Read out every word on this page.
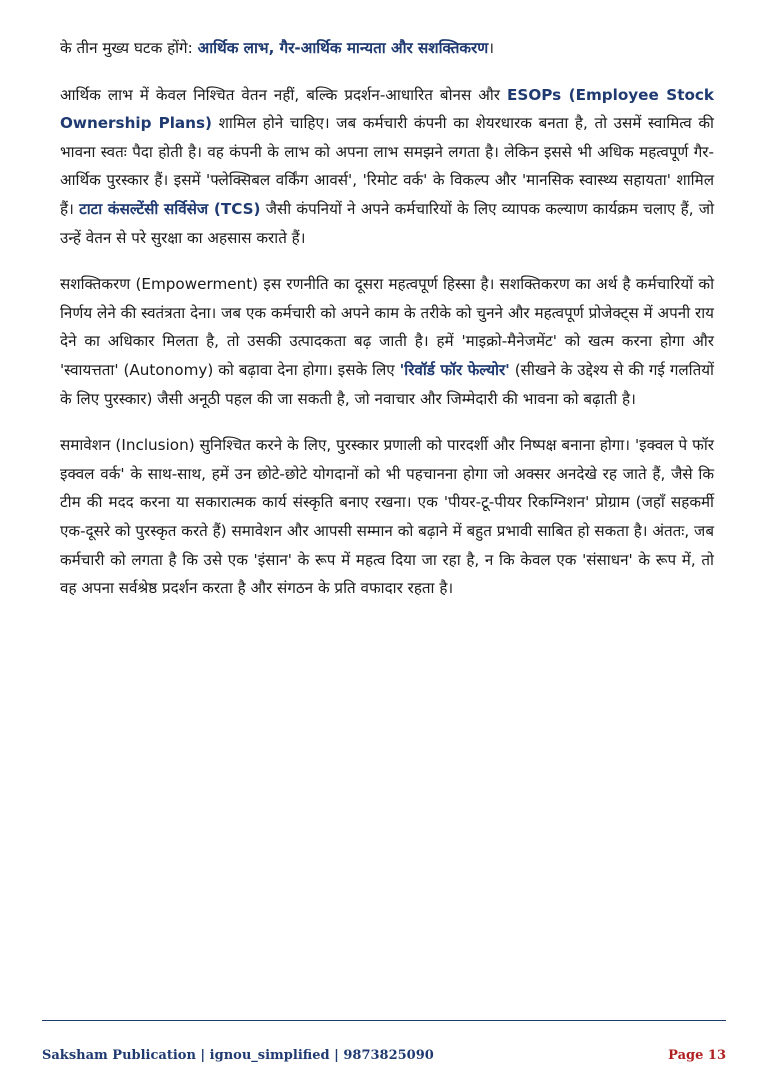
के तीन मुख्य घटक होंगे: आर्थिक लाभ, गैर-आर्थिक मान्यता और सशक्तिकरण।

आर्थिक लाभ में केवल निश्चित वेतन नहीं, बल्कि प्रदर्शन-आधारित बोनस और ESOPs (Employee Stock Ownership Plans) शामिल होने चाहिए। जब कर्मचारी कंपनी का शेयरधारक बनता है, तो उसमें स्वामित्व की भावना स्वतः पैदा होती है। वह कंपनी के लाभ को अपना लाभ समझने लगता है। लेकिन इससे भी अधिक महत्वपूर्ण गैर-आर्थिक पुरस्कार हैं। इसमें 'फ्लेक्सिबल वर्किंग आवर्स', 'रिमोट वर्क' के विकल्प और 'मानसिक स्वास्थ्य सहायता' शामिल हैं। टाटा कंसल्टेंसी सर्विसेज (TCS) जैसी कंपनियों ने अपने कर्मचारियों के लिए व्यापक कल्याण कार्यक्रम चलाए हैं, जो उन्हें वेतन से परे सुरक्षा का अहसास कराते हैं।

सशक्तिकरण (Empowerment) इस रणनीति का दूसरा महत्वपूर्ण हिस्सा है। सशक्तिकरण का अर्थ है कर्मचारियों को निर्णय लेने की स्वतंत्रता देना। जब एक कर्मचारी को अपने काम के तरीके को चुनने और महत्वपूर्ण प्रोजेक्ट्स में अपनी राय देने का अधिकार मिलता है, तो उसकी उत्पादकता बढ़ जाती है। हमें 'माइक्रो-मैनेजमेंट' को खत्म करना होगा और 'स्वायत्तता' (Autonomy) को बढ़ावा देना होगा। इसके लिए 'रिवॉर्ड फॉर फेल्योर' (सीखने के उद्देश्य से की गई गलतियों के लिए पुरस्कार) जैसी अनूठी पहल की जा सकती है, जो नवाचार और जिम्मेदारी की भावना को बढ़ाती है।

समावेशन (Inclusion) सुनिश्चित करने के लिए, पुरस्कार प्रणाली को पारदर्शी और निष्पक्ष बनाना होगा। 'इक्वल पे फॉर इक्वल वर्क' के साथ-साथ, हमें उन छोटे-छोटे योगदानों को भी पहचानना होगा जो अक्सर अनदेखे रह जाते हैं, जैसे कि टीम की मदद करना या सकारात्मक कार्य संस्कृति बनाए रखना। एक 'पीयर-टू-पीयर रिकग्निशन' प्रोग्राम (जहाँ सहकर्मी एक-दूसरे को पुरस्कृत करते हैं) समावेशन और आपसी सम्मान को बढ़ाने में बहुत प्रभावी साबित हो सकता है। अंततः, जब कर्मचारी को लगता है कि उसे एक 'इंसान' के रूप में महत्व दिया जा रहा है, न कि केवल एक 'संसाधन' के रूप में, तो वह अपना सर्वश्रेष्ठ प्रदर्शन करता है और संगठन के प्रति वफादार रहता है।

Saksham Publication | ignou_simplified | 9873825090	Page 13
